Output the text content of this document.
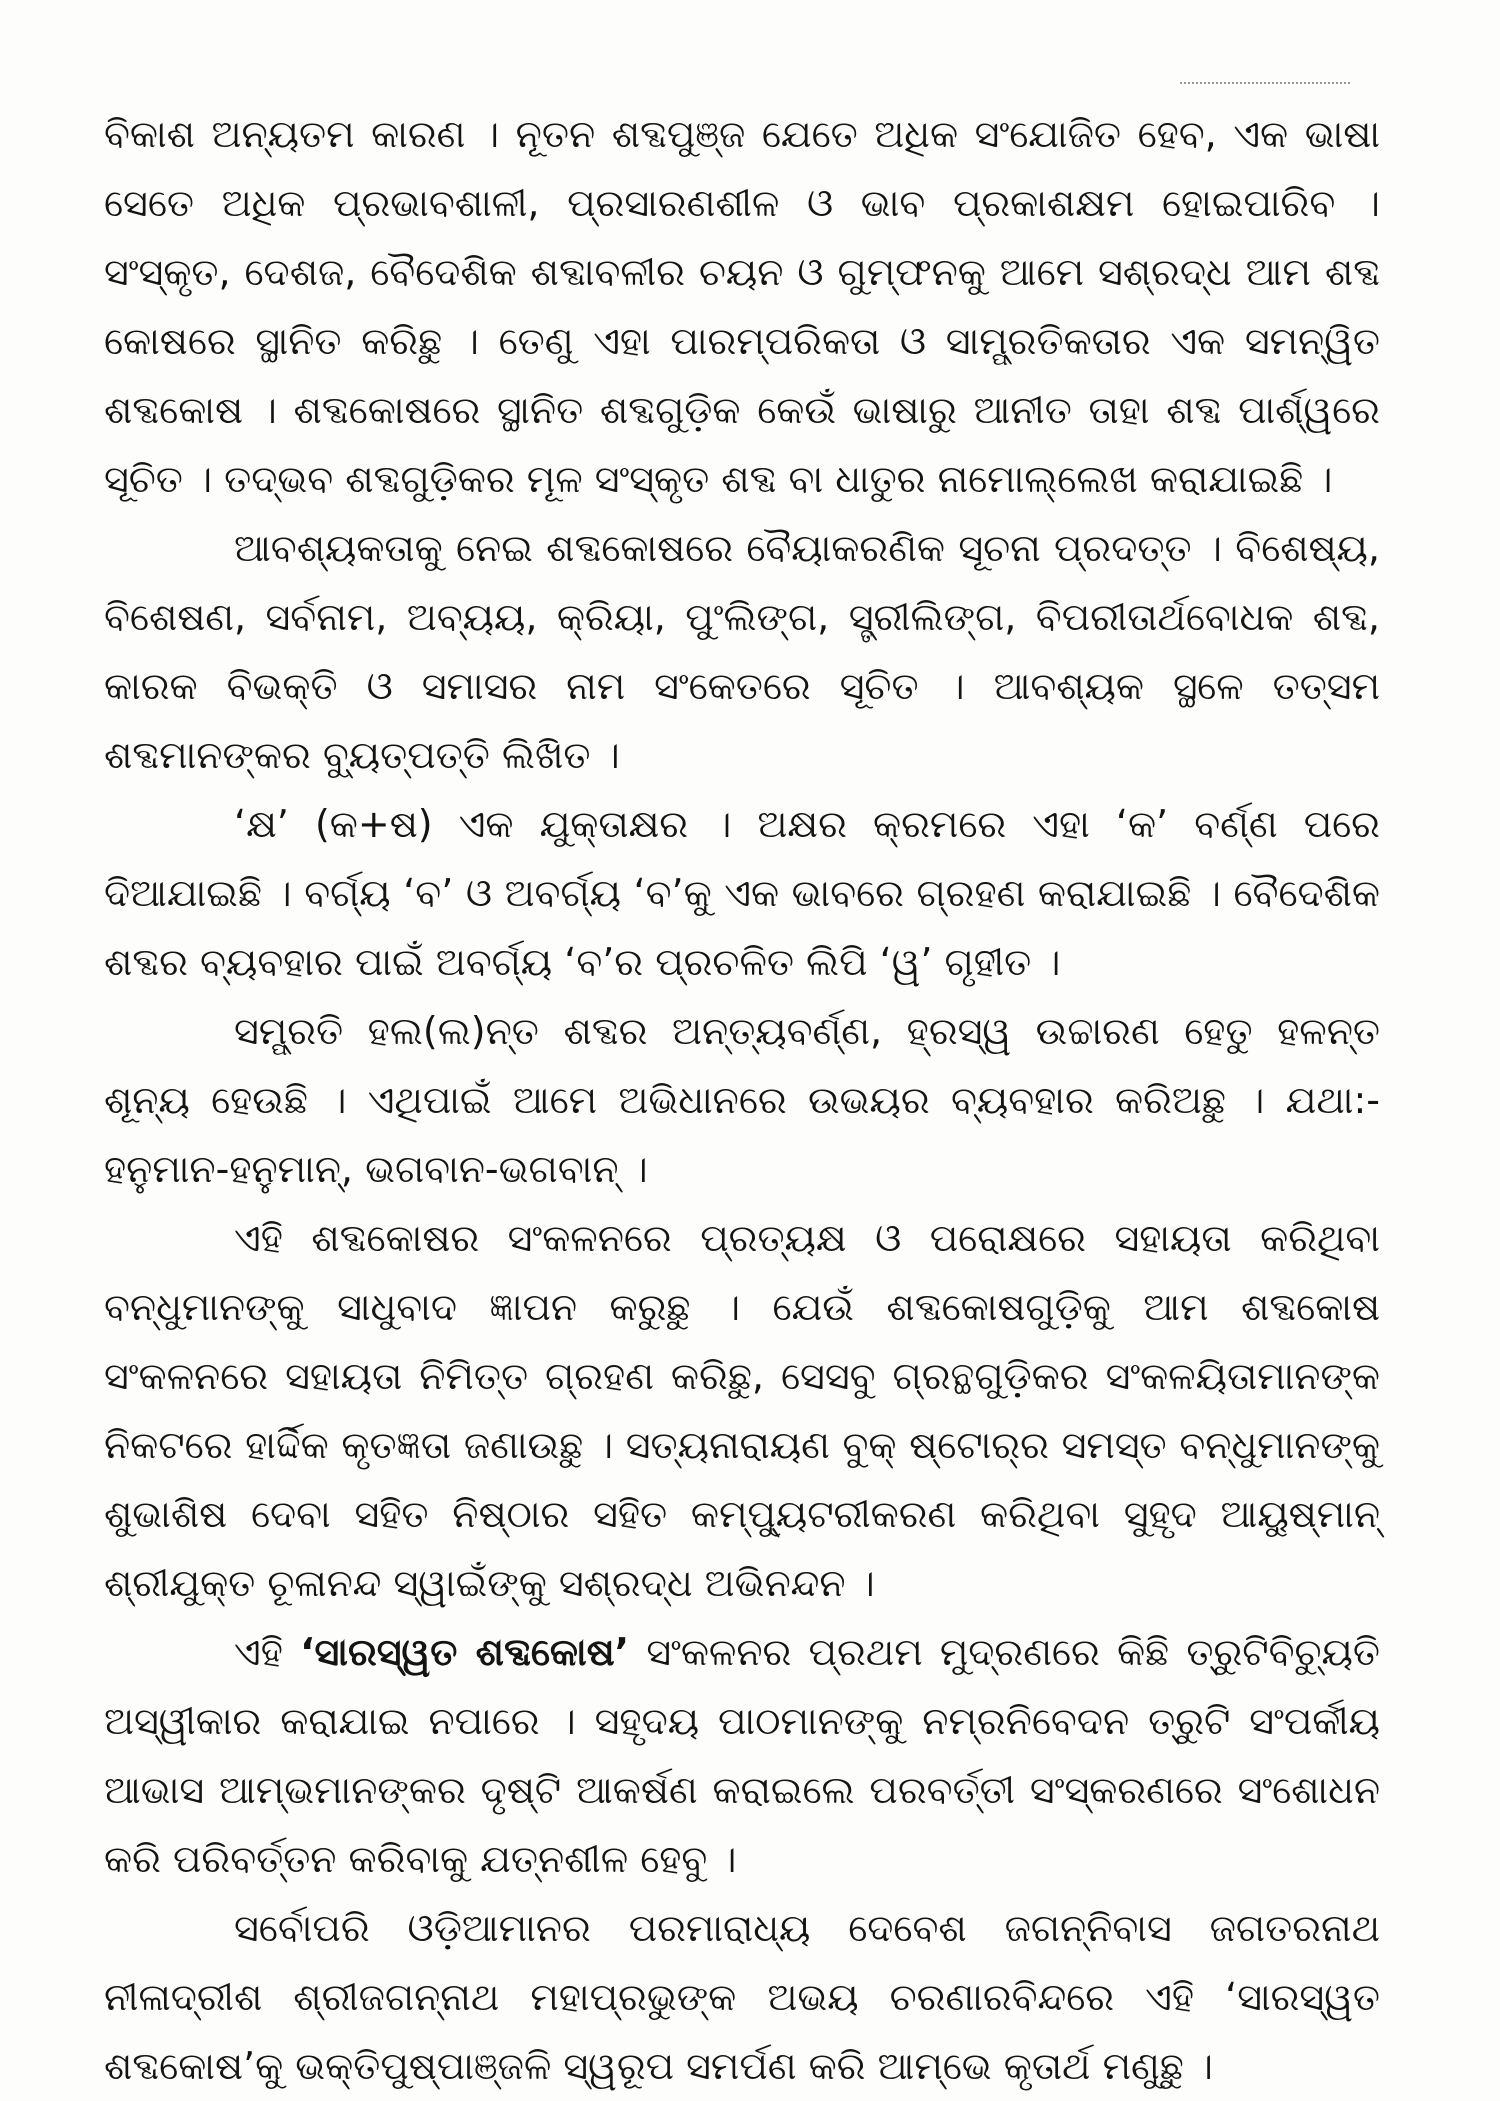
ବିକାଶ ଅନ୍ୟତମ କାରଣ । ନୂତନ ଶବ୍ଦପୁଞ୍ଜ ଯେତେ ଅଧିକ ସଂଯୋଜିତ ହେବ, ଏକ ଭାଷା ସେତେ ଅଧିକ ପ୍ରଭାବଶାଳୀ, ପ୍ରସାରଣଶୀଳ ଓ ଭାବ ପ୍ରକାଶକ୍ଷମ ହୋଇପାରିବ । ସଂସ୍କୃତ, ଦେଶଜ, ବୈଦେଶିକ ଶବ୍ଦାବଳୀର ଚୟନ ଓ ଗୁମ୍ଫନକୁ ଆମେ ସଶ୍ରଦ୍ଧ ଆମ ଶବ୍ଦ କୋଷରେ ସ୍ଥାନିତ କରିଛୁ । ତେଣୁ ଏହା ପାରମ୍ପରିକତା ଓ ସାମ୍ପ୍ରତିକତାର ଏକ ସମନ୍ୱିତ ଶବ୍ଦକୋଷ । ଶବ୍ଦକୋଷରେ ସ୍ଥାନିତ ଶବ୍ଦଗୁଡ଼ିକ କେଉଁ ଭାଷାରୁ ଆନୀତ ତାହା ଶବ୍ଦ ପାର୍ଶ୍ୱରେ ସୂଚିତ । ତଦ୍‌ଭବ ଶବ୍ଦଗୁଡ଼ିକର ମୂଳ ସଂସ୍କୃତ ଶବ୍ଦ ବା ଧାତୁର ନାମୋଲ୍ଲେଖ କରାଯାଇଛି ।

ଆବଶ୍ୟକତାକୁ ନେଇ ଶବ୍ଦକୋଷରେ ବୈୟାକରଣିକ ସୂଚନା ପ୍ରଦତ୍ତ । ବିଶେଷ୍ୟ, ବିଶେଷଣ, ସର୍ବନାମ, ଅବ୍ୟୟ, କ୍ରିୟା, ପୁଂଲିଙ୍ଗ, ସ୍ତ୍ରୀଲିଙ୍ଗ, ବିପରୀତାର୍ଥବୋଧକ ଶବ୍ଦ, କାରକ ବିଭକ୍ତି ଓ ସମାସର ନାମ ସଂକେତରେ ସୂଚିତ । ଆବଶ୍ୟକ ସ୍ଥଳେ ତତ୍ସମ ଶବ୍ଦମାନଙ୍କର ବ୍ୟୁତ୍ପତ୍ତି ଲିଖିତ ।

‘କ୍ଷ’ (କ+ଷ) ଏକ ଯୁକ୍ତାକ୍ଷର । ଅକ୍ଷର କ୍ରମରେ ଏହା ‘କ’ ବର୍ଣ୍ଣ ପରେ ଦିଆଯାଇଛି । ବର୍ଗ୍ୟ ‘ବ’ ଓ ଅବର୍ଗ୍ୟ ‘ବ’କୁ ଏକ ଭାବରେ ଗ୍ରହଣ କରାଯାଇଛି । ବୈଦେଶିକ ଶବ୍ଦର ବ୍ୟବହାର ପାଇଁ ଅବର୍ଗ୍ୟ ‘ବ’ର ପ୍ରଚଳିତ ଲିପି ‘ୱ’ ଗୃହୀତ ।

ସମ୍ପ୍ରତି ହଲ(ଲ)ନ୍ତ ଶବ୍ଦର ଅନ୍ତ୍ୟବର୍ଣ୍ଣ, ହ୍ରସ୍ୱ ଉଚ୍ଚାରଣ ହେତୁ ହଳନ୍ତ ଶୂନ୍ୟ ହେଉଛି । ଏଥିପାଇଁ ଆମେ ଅଭିଧାନରେ ଉଭୟର ବ୍ୟବହାର କରିଅଛୁ । ଯଥା:- ହନୁମାନ-ହନୁମାନ୍, ଭଗବାନ-ଭଗବାନ୍ ।

ଏହି ଶବ୍ଦକୋଷର ସଂକଳନରେ ପ୍ରତ୍ୟକ୍ଷ ଓ ପରୋକ୍ଷରେ ସହାୟତା କରିଥିବା ବନ୍ଧୁମାନଙ୍କୁ ସାଧୁବାଦ ଜ୍ଞାପନ କରୁଛୁ । ଯେଉଁ ଶବ୍ଦକୋଷଗୁଡ଼ିକୁ ଆମ ଶବ୍ଦକୋଷ ସଂକଳନରେ ସହାୟତା ନିମିତ୍ତ ଗ୍ରହଣ କରିଛୁ, ସେସବୁ ଗ୍ରନ୍ଥଗୁଡ଼ିକର ସଂକଳୟିତାମାନଙ୍କ ନିକଟରେ ହାର୍ଦ୍ଦିକ କୃତଜ୍ଞତା ଜଣାଉଛୁ । ସତ୍ୟନାରାୟଣ ବୁକ୍ ଷ୍ଟୋର୍‌ର ସମସ୍ତ ବନ୍ଧୁମାନଙ୍କୁ ଶୁଭାଶିଷ ଦେବା ସହିତ ନିଷ୍ଠାର ସହିତ କମ୍ପ୍ୟୁଟରୀକରଣ କରିଥିବା ସୁହୃଦ ଆୟୁଷ୍ମାନ୍ ଶ୍ରୀଯୁକ୍ତ ଚୂଳାନନ୍ଦ ସ୍ୱାଇଁଙ୍କୁ ସଶ୍ରଦ୍ଧ ଅଭିନନ୍ଦନ ।

ଏହି ‘ସାରସ୍ୱତ ଶବ୍ଦକୋଷ’ ସଂକଳନର ପ୍ରଥମ ମୁଦ୍ରଣରେ କିଛି ତ୍ରୁଟିବିଚ୍ୟୁତି ଅସ୍ୱୀକାର କରାଯାଇ ନପାରେ । ସହୃଦୟ ପାଠମାନଙ୍କୁ ନମ୍ରନିବେଦନ ତ୍ରୁଟି ସଂପର୍କୀୟ ଆଭାସ ଆମ୍ଭମାନଙ୍କର ଦୃଷ୍ଟି ଆକର୍ଷଣ କରାଇଲେ ପରବର୍ତ୍ତୀ ସଂସ୍କରଣରେ ସଂଶୋଧନ କରି ପରିବର୍ତ୍ତନ କରିବାକୁ ଯତ୍ନଶୀଳ ହେବୁ ।

ସର୍ବୋପରି ଓଡ଼ିଆମାନର ପରମାରାଧ୍ୟ ଦେବେଶ ଜଗନ୍ନିବାସ ଜଗତରନାଥ ନୀଳାଦ୍ରୀଶ ଶ୍ରୀଜଗନ୍ନାଥ ମହାପ୍ରଭୁଙ୍କ ଅଭୟ ଚରଣାରବିନ୍ଦରେ ଏହି ‘ସାରସ୍ୱତ ଶବ୍ଦକୋଷ’କୁ ଭକ୍ତିପୁଷ୍ପାଞ୍ଜଳି ସ୍ୱରୂପ ସମର୍ପଣ କରି ଆମ୍ଭେ କୃତାର୍ଥ ମଣୁଛୁ ।
